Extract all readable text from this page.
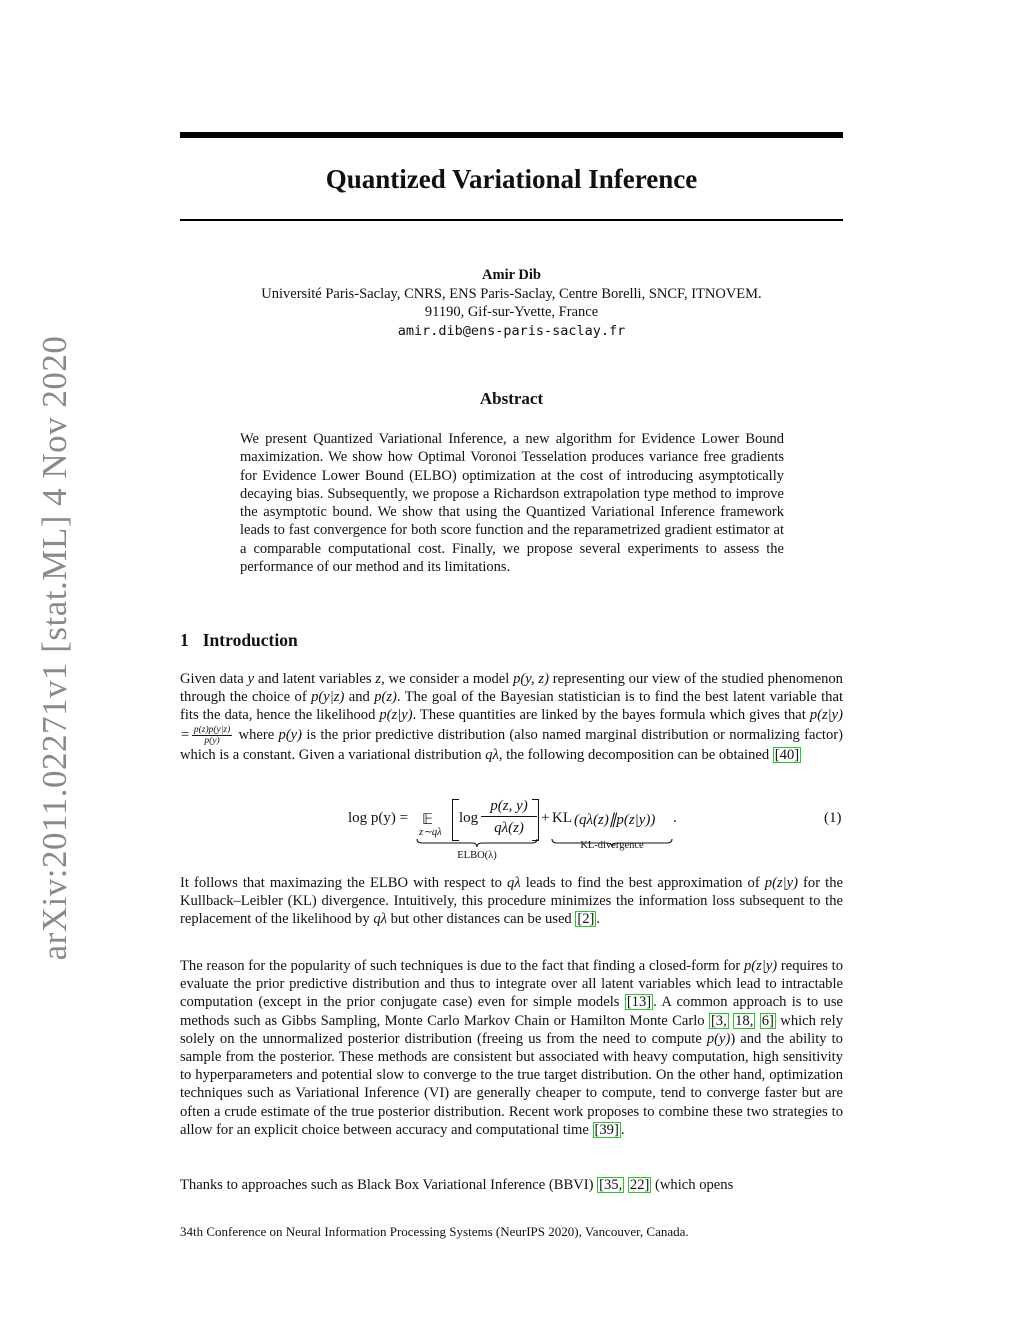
arXiv:2011.02271v1 [stat.ML] 4 Nov 2020
Quantized Variational Inference
Amir Dib
Université Paris-Saclay, CNRS, ENS Paris-Saclay, Centre Borelli, SNCF, ITNOVEM.
91190, Gif-sur-Yvette, France
amir.dib@ens-paris-saclay.fr
Abstract

We present Quantized Variational Inference, a new algorithm for Evidence Lower Bound maximization. We show how Optimal Voronoi Tesselation produces variance free gradients for Evidence Lower Bound (ELBO) optimization at the cost of introducing asymptotically decaying bias. Subsequently, we propose a Richardson extrapolation type method to improve the asymptotic bound. We show that using the Quantized Variational Inference framework leads to fast convergence for both score function and the reparametrized gradient estimator at a comparable computational cost. Finally, we propose several experiments to assess the performance of our method and its limitations.

1 Introduction

Given data y and latent variables z, we consider a model p(y, z) representing our view of the studied phenomenon through the choice of p(y|z) and p(z). The goal of the Bayesian statistician is to find the best latent variable that fits the data, hence the likelihood p(z|y). These quantities are linked by the bayes formula which gives that $p(z|y) = \frac{p(z)p(y|z)}{p(y)}$ where p(y) is the prior predictive distribution (also named marginal distribution or normalizing factor) which is a constant. Given a variational distribution qλ, the following decomposition can be obtained [40]

log p(y) = 𝔼
z∼qλ
log
p(z, y)
qλ(z)
+ KL (qλ(z)∥p(z|y)) .
ELBO(λ)
KL-divergence
(1)

It follows that maximazing the ELBO with respect to qλ leads to find the best approximation of p(z|y) for the Kullback–Leibler (KL) divergence. Intuitively, this procedure minimizes the information loss subsequent to the replacement of the likelihood by qλ but other distances can be used [2] .

The reason for the popularity of such techniques is due to the fact that finding a closed-form for p(z|y) requires to evaluate the prior predictive distribution and thus to integrate over all latent variables which lead to intractable computation (except in the prior conjugate case) even for simple models [13] . A common approach is to use methods such as Gibbs Sampling, Monte Carlo Markov Chain or Hamilton Monte Carlo [3, 18, 6] which rely solely on the unnormalized posterior distribution (freeing us from the need to compute p(y)) and the ability to sample from the posterior. These methods are consistent but associated with heavy computation, high sensitivity to hyperparameters and potential slow to converge to the true target distribution. On the other hand, optimization techniques such as Variational Inference (VI) are generally cheaper to compute, tend to converge faster but are often a crude estimate of the true posterior distribution. Recent work proposes to combine these two strategies to allow for an explicit choice between accuracy and computational time [39] .

Thanks to approaches such as Black Box Variational Inference (BBVI) [35, 22] (which opens

34th Conference on Neural Information Processing Systems (NeurIPS 2020), Vancouver, Canada.
